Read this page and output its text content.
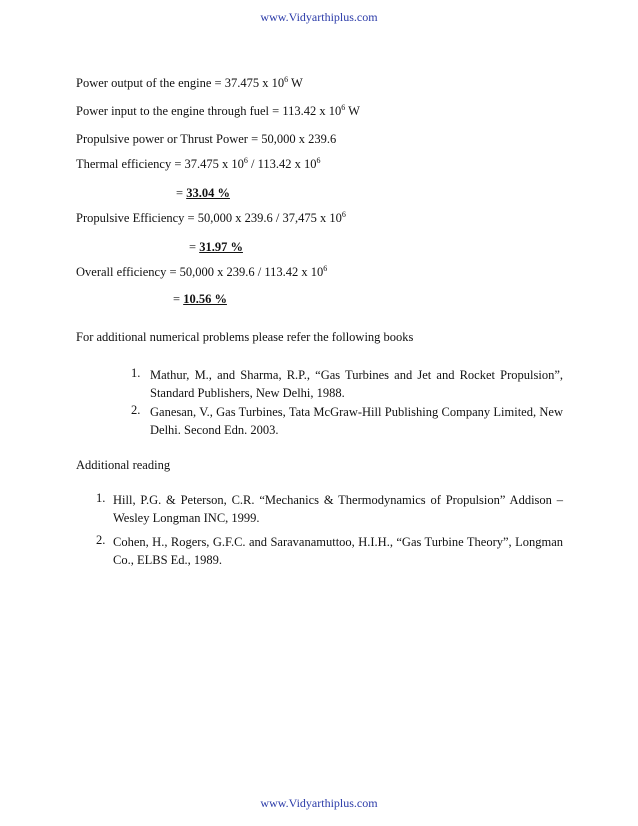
www.Vidyarthiplus.com
Power output of the engine = 37.475 x $10^6$ W
Power input to the engine through fuel = 113.42 x $10^6$ W
Propulsive power or Thrust Power = 50,000 x 239.6
Thermal efficiency = 37.475 x $10^6 / 113.42$ x $10^6$
= 33.04 %
Propulsive Efficiency = 50,000 x 239.6 / 37,475 x $10^6$
= 31.97 %
Overall efficiency = 50,000 x 239.6 / 113.42 x $10^6$
= 10.56 %
For additional numerical problems please refer the following books
1. Mathur, M., and Sharma, R.P., “Gas Turbines and Jet and Rocket Propulsion”, Standard Publishers, New Delhi, 1988.
2. Ganesan, V., Gas Turbines, Tata McGraw-Hill Publishing Company Limited, New Delhi. Second Edn. 2003.
Additional reading
1. Hill, P.G. & Peterson, C.R. “Mechanics & Thermodynamics of Propulsion” Addison – Wesley Longman INC, 1999.
2. Cohen, H., Rogers, G.F.C. and Saravanamuttoo, H.I.H., “Gas Turbine Theory”, Longman Co., ELBS Ed., 1989.
www.Vidyarthiplus.com
